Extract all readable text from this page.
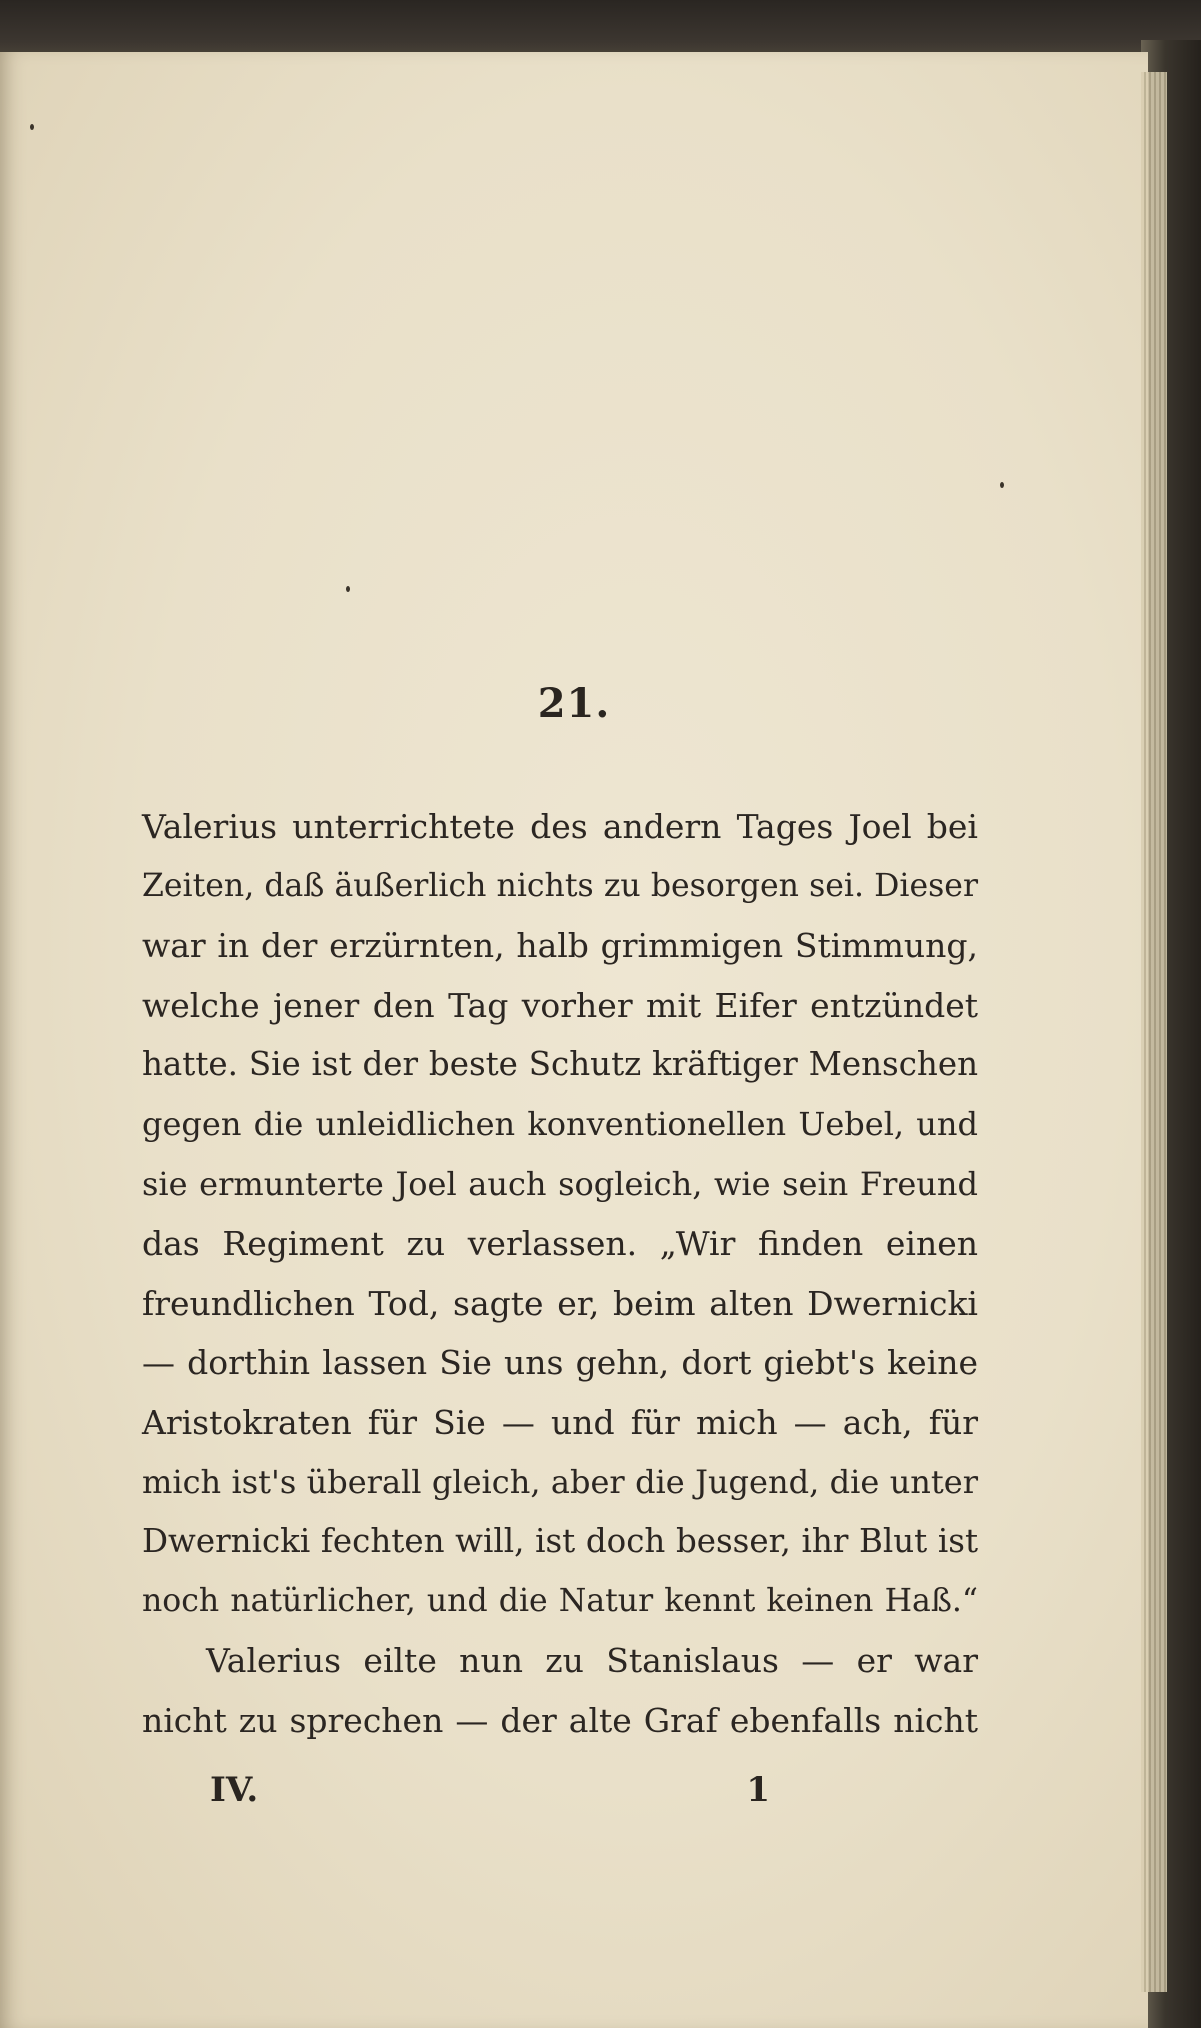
21.
Valerius unterrichtete des andern Tages Joel bei
Zeiten, daß äußerlich nichts zu besorgen sei. Dieser
war in der erzürnten, halb grimmigen Stimmung,
welche jener den Tag vorher mit Eifer entzündet
hatte. Sie ist der beste Schutz kräftiger Menschen
gegen die unleidlichen konventionellen Uebel, und
sie ermunterte Joel auch sogleich, wie sein Freund
das Regiment zu verlassen. „Wir finden einen
freundlichen Tod, sagte er, beim alten Dwernicki
— dorthin lassen Sie uns gehn, dort giebt's keine
Aristokraten für Sie — und für mich — ach, für
mich ist's überall gleich, aber die Jugend, die unter
Dwernicki fechten will, ist doch besser, ihr Blut ist
noch natürlicher, und die Natur kennt keinen Haß.“
Valerius eilte nun zu Stanislaus — er war
nicht zu sprechen — der alte Graf ebenfalls nicht
IV.	1
